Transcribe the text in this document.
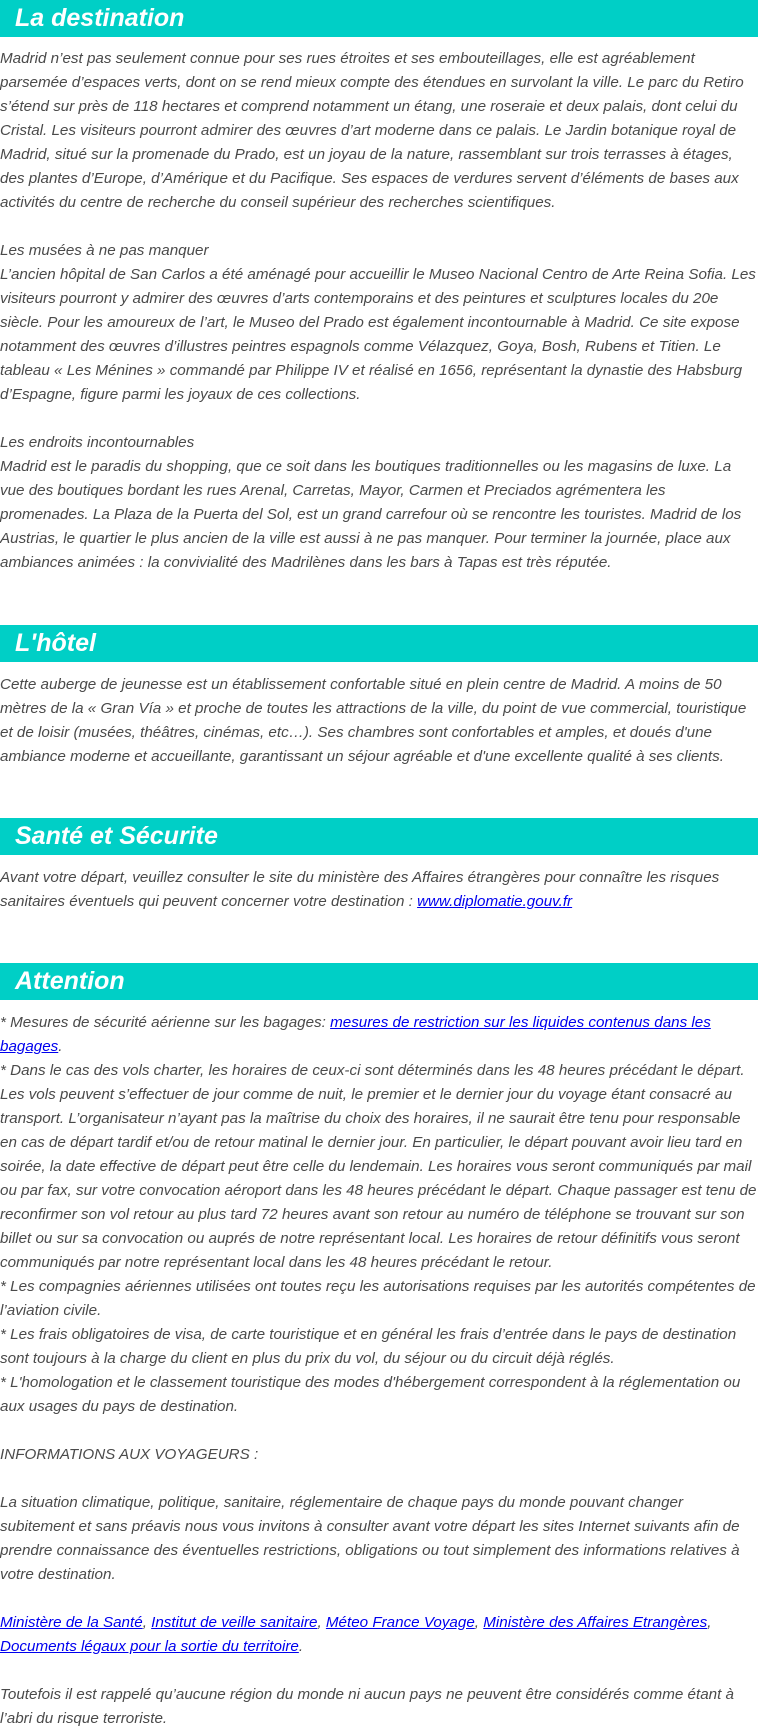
La destination

Madrid n’est pas seulement connue pour ses rues étroites et ses embouteillages, elle est agréablement parsemée d’espaces verts, dont on se rend mieux compte des étendues en survolant la ville. Le parc du Retiro s’étend sur près de 118 hectares et comprend notamment un étang, une roseraie et deux palais, dont celui du Cristal. Les visiteurs pourront admirer des œuvres d’art moderne dans ce palais. Le Jardin botanique royal de Madrid, situé sur la promenade du Prado, est un joyau de la nature, rassemblant sur trois terrasses à étages, des plantes d’Europe, d’Amérique et du Pacifique. Ses espaces de verdures servent d’éléments de bases aux activités du centre de recherche du conseil supérieur des recherches scientifiques.

Les musées à ne pas manquer

L’ancien hôpital de San Carlos a été aménagé pour accueillir le Museo Nacional Centro de Arte Reina Sofia. Les visiteurs pourront y admirer des œuvres d’arts contemporains et des peintures et sculptures locales du 20e siècle. Pour les amoureux de l’art, le Museo del Prado est également incontournable à Madrid. Ce site expose notamment des œuvres d’illustres peintres espagnols comme Vélazquez, Goya, Bosh, Rubens et Titien. Le tableau « Les Ménines » commandé par Philippe IV et réalisé en 1656, représentant la dynastie des Habsburg d’Espagne, figure parmi les joyaux de ces collections.

Les endroits incontournables

Madrid est le paradis du shopping, que ce soit dans les boutiques traditionnelles ou les magasins de luxe. La vue des boutiques bordant les rues Arenal, Carretas, Mayor, Carmen et Preciados agrémentera les promenades. La Plaza de la Puerta del Sol, est un grand carrefour où se rencontre les touristes. Madrid de los Austrias, le quartier le plus ancien de la ville est aussi à ne pas manquer. Pour terminer la journée, place aux ambiances animées : la convivialité des Madrilènes dans les bars à Tapas est très réputée.

L'hôtel

Cette auberge de jeunesse est un établissement confortable situé en plein centre de Madrid. A moins de 50 mètres de la « Gran Vía » et proche de toutes les attractions de la ville, du point de vue commercial, touristique et de loisir (musées, théâtres, cinémas, etc…). Ses chambres sont confortables et amples, et doués d'une ambiance moderne et accueillante, garantissant un séjour agréable et d'une excellente qualité à ses clients.

Santé et Sécurite

Avant votre départ, veuillez consulter le site du ministère des Affaires étrangères pour connaître les risques sanitaires éventuels qui peuvent concerner votre destination : www.diplomatie.gouv.fr

Attention

* Mesures de sécurité aérienne sur les bagages: mesures de restriction sur les liquides contenus dans les bagages.

* Dans le cas des vols charter, les horaires de ceux-ci sont déterminés dans les 48 heures précédant le départ. Les vols peuvent s’effectuer de jour comme de nuit, le premier et le dernier jour du voyage étant consacré au transport. L’organisateur n’ayant pas la maîtrise du choix des horaires, il ne saurait être tenu pour responsable en cas de départ tardif et/ou de retour matinal le dernier jour. En particulier, le départ pouvant avoir lieu tard en soirée, la date effective de départ peut être celle du lendemain. Les horaires vous seront communiqués par mail ou par fax, sur votre convocation aéroport dans les 48 heures précédant le départ. Chaque passager est tenu de reconfirmer son vol retour au plus tard 72 heures avant son retour au numéro de téléphone se trouvant sur son billet ou sur sa convocation ou auprés de notre représentant local. Les horaires de retour définitifs vous seront communiqués par notre représentant local dans les 48 heures précédant le retour.

* Les compagnies aériennes utilisées ont toutes reçu les autorisations requises par les autorités compétentes de l’aviation civile.

* Les frais obligatoires de visa, de carte touristique et en général les frais d’entrée dans le pays de destination sont toujours à la charge du client en plus du prix du vol, du séjour ou du circuit déjà réglés.

* L'homologation et le classement touristique des modes d'hébergement correspondent à la réglementation ou aux usages du pays de destination.

INFORMATIONS AUX VOYAGEURS :

La situation climatique, politique, sanitaire, réglementaire de chaque pays du monde pouvant changer subitement et sans préavis nous vous invitons à consulter avant votre départ les sites Internet suivants afin de prendre connaissance des éventuelles restrictions, obligations ou tout simplement des informations relatives à votre destination.

Ministère de la Santé, Institut de veille sanitaire, Méteo France Voyage, Ministère des Affaires Etrangères, Documents légaux pour la sortie du territoire.

Toutefois il est rappelé qu’aucune région du monde ni aucun pays ne peuvent être considérés comme étant à l’abri du risque terroriste.
